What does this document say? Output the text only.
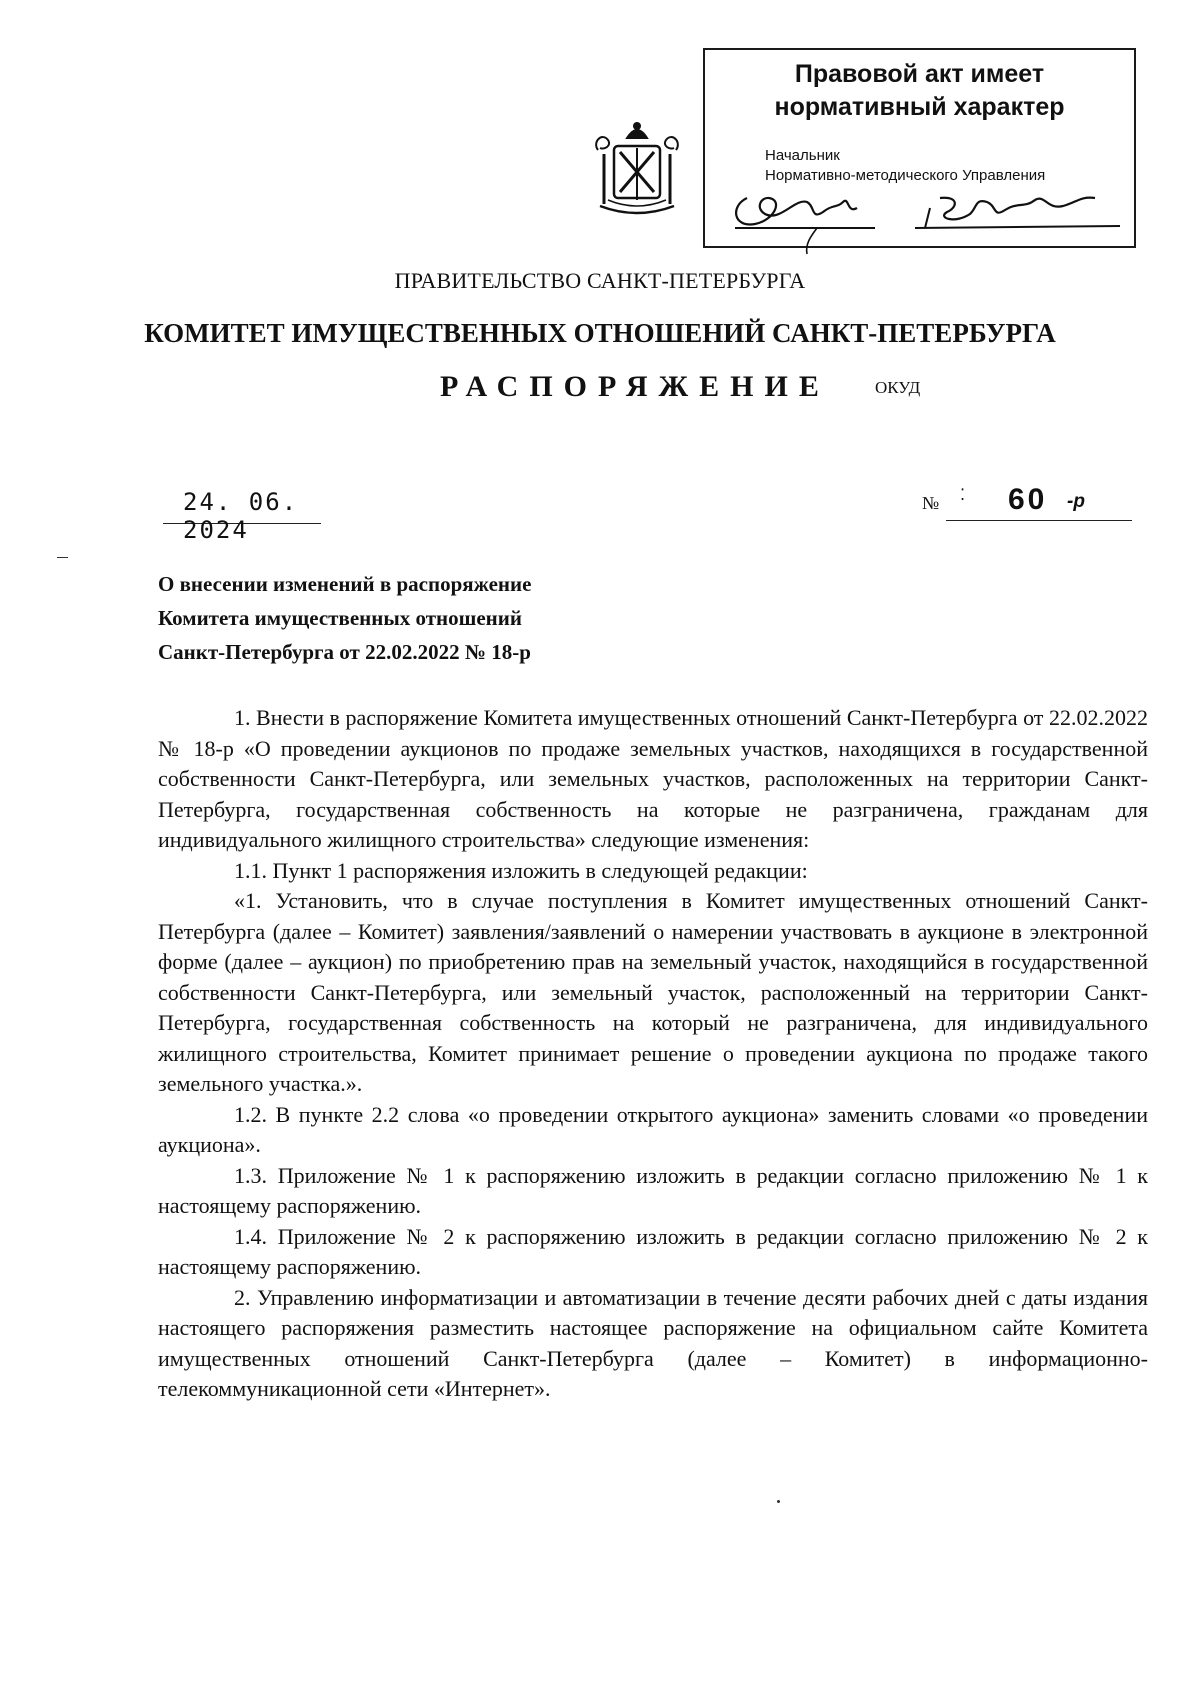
Правовой акт имеет
нормативный характер
Начальник
Нормативно-методического Управления
ПРАВИТЕЛЬСТВО САНКТ-ПЕТЕРБУРГА
КОМИТЕТ ИМУЩЕСТВЕННЫХ ОТНОШЕНИЙ САНКТ-ПЕТЕРБУРГА
РАСПОРЯЖЕНИЕ	ОКУД
24. 06. 2024
№ ⁚ 60 -р
О внесении изменений в распоряжение
Комитета имущественных отношений
Санкт-Петербурга от 22.02.2022 № 18-р

1. Внести в распоряжение Комитета имущественных отношений Санкт-Петербурга от 22.02.2022 № 18-р «О проведении аукционов по продаже земельных участков, находящихся в государственной собственности Санкт-Петербурга, или земельных участков, расположенных на территории Санкт-Петербурга, государственная собственность на которые не разграничена, гражданам для индивидуального жилищного строительства» следующие изменения:

1.1. Пункт 1 распоряжения изложить в следующей редакции:

«1. Установить, что в случае поступления в Комитет имущественных отношений Санкт-Петербурга (далее – Комитет) заявления/заявлений о намерении участвовать в аукционе в электронной форме (далее – аукцион) по приобретению прав на земельный участок, находящийся в государственной собственности Санкт-Петербурга, или земельный участок, расположенный на территории Санкт-Петербурга, государственная собственность на который не разграничена, для индивидуального жилищного строительства, Комитет принимает решение о проведении аукциона по продаже такого земельного участка.».

1.2. В пункте 2.2 слова «о проведении открытого аукциона» заменить словами «о проведении аукциона».

1.3. Приложение № 1 к распоряжению изложить в редакции согласно приложению № 1 к настоящему распоряжению.

1.4. Приложение № 2 к распоряжению изложить в редакции согласно приложению № 2 к настоящему распоряжению.

2. Управлению информатизации и автоматизации в течение десяти рабочих дней с даты издания настоящего распоряжения разместить настоящее распоряжение на официальном сайте Комитета имущественных отношений Санкт-Петербурга (далее – Комитет) в информационно-телекоммуникационной сети «Интернет».
